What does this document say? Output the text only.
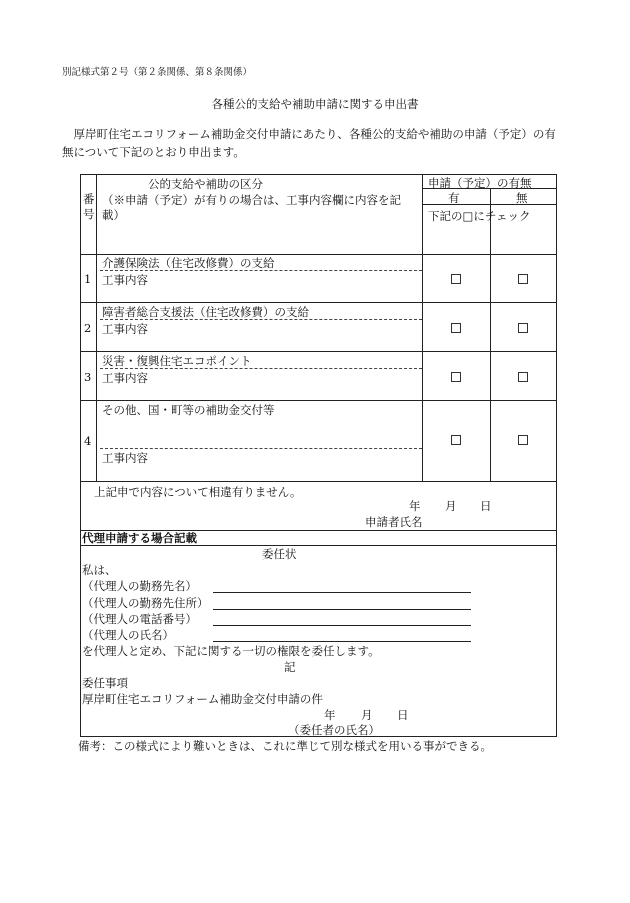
別記様式第２号（第２条関係、第８条関係）
各種公的支給や補助申請に関する申出書
　厚岸町住宅エコリフォーム補助金交付申請にあたり、各種公的支給や補助の申請（予定）の有無について下記のとおり申出ます。
番号
公的支給や補助の区分
（※申請（予定）が有りの場合は、工事内容欄に内容を記載）
申請（予定）の有無
有	無
下記の□にチェック
1
介護保険法（住宅改修費）の支給
工事内容
2
障害者総合支援法（住宅改修費）の支給
工事内容
3
災害・復興住宅エコポイント
工事内容
4
その他、国・町等の補助金交付等
工事内容
上記申で内容について相違有りません。
年 月 日
申請者氏名
代理申請する場合記載
委任状
私は、
（代理人の勤務先名）
（代理人の勤務先住所）
（代理人の電話番号）
（代理人の氏名）
を代理人と定め、下記に関する一切の権限を委任します。
記
委任事項
厚岸町住宅エコリフォーム補助金交付申請の件
年 月 日
（委任者の氏名）
備考：この様式により難いときは、これに準じて別な様式を用いる事ができる。
